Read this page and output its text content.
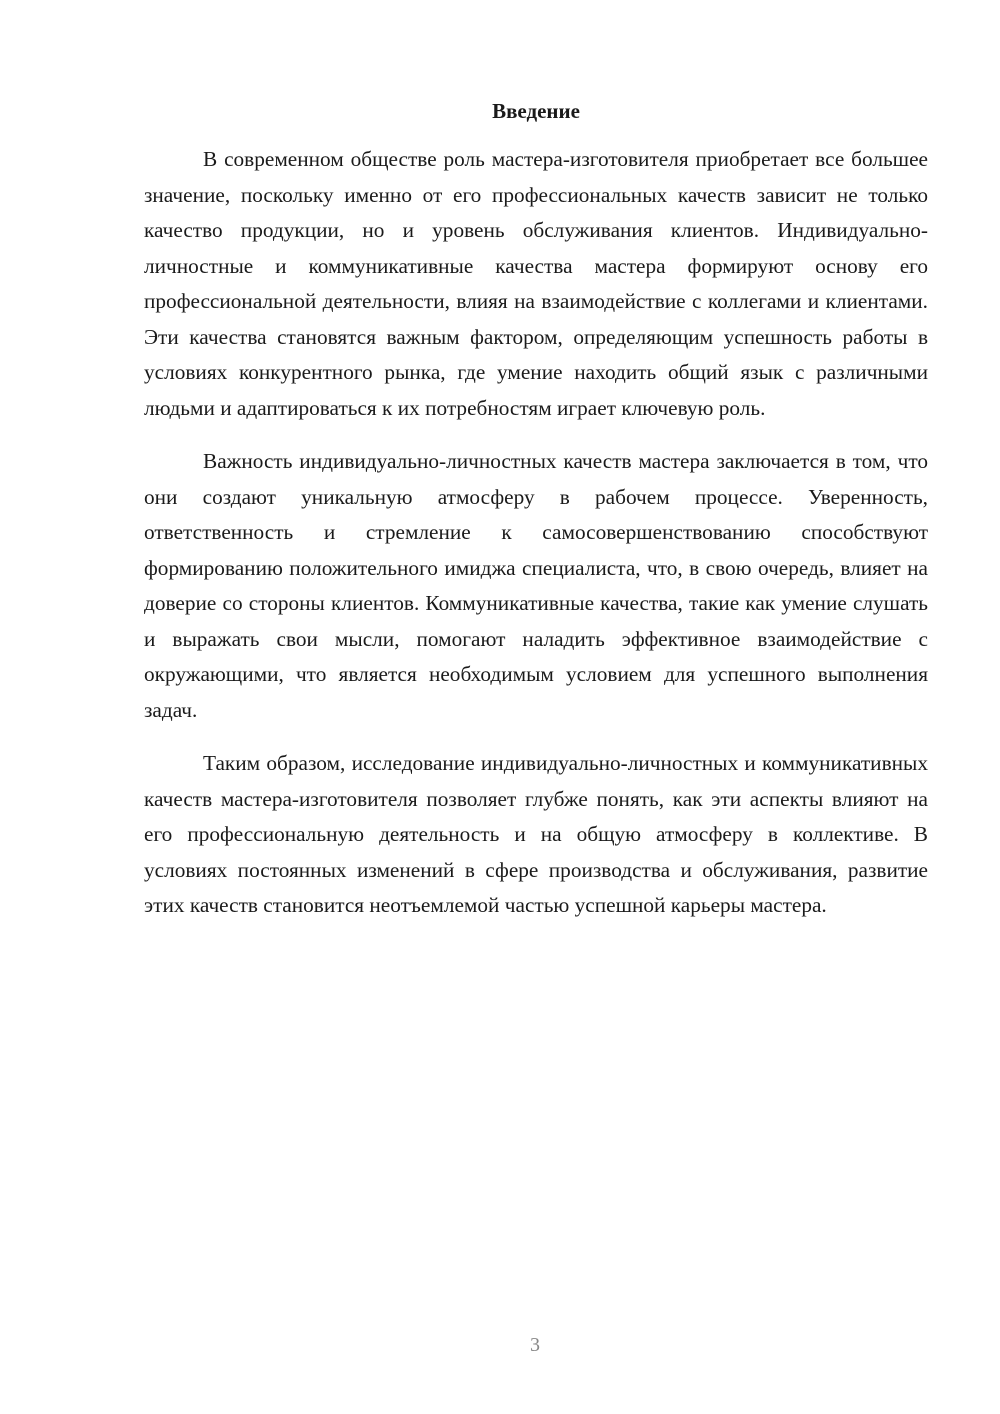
Введение

В современном обществе роль мастера-изготовителя приобретает все большее значение, поскольку именно от его профессиональных качеств зависит не только качество продукции, но и уровень обслуживания клиентов. Индивидуально-личностные и коммуникативные качества мастера формируют основу его профессиональной деятельности, влияя на взаимодействие с коллегами и клиентами. Эти качества становятся важным фактором, определяющим успешность работы в условиях конкурентного рынка, где умение находить общий язык с различными людьми и адаптироваться к их потребностям играет ключевую роль.

Важность индивидуально-личностных качеств мастера заключается в том, что они создают уникальную атмосферу в рабочем процессе. Уверенность, ответственность и стремление к самосовершенствованию способствуют формированию положительного имиджа специалиста, что, в свою очередь, влияет на доверие со стороны клиентов. Коммуникативные качества, такие как умение слушать и выражать свои мысли, помогают наладить эффективное взаимодействие с окружающими, что является необходимым условием для успешного выполнения задач.

Таким образом, исследование индивидуально-личностных и коммуникативных качеств мастера-изготовителя позволяет глубже понять, как эти аспекты влияют на его профессиональную деятельность и на общую атмосферу в коллективе. В условиях постоянных изменений в сфере производства и обслуживания, развитие этих качеств становится неотъемлемой частью успешной карьеры мастера.

3
